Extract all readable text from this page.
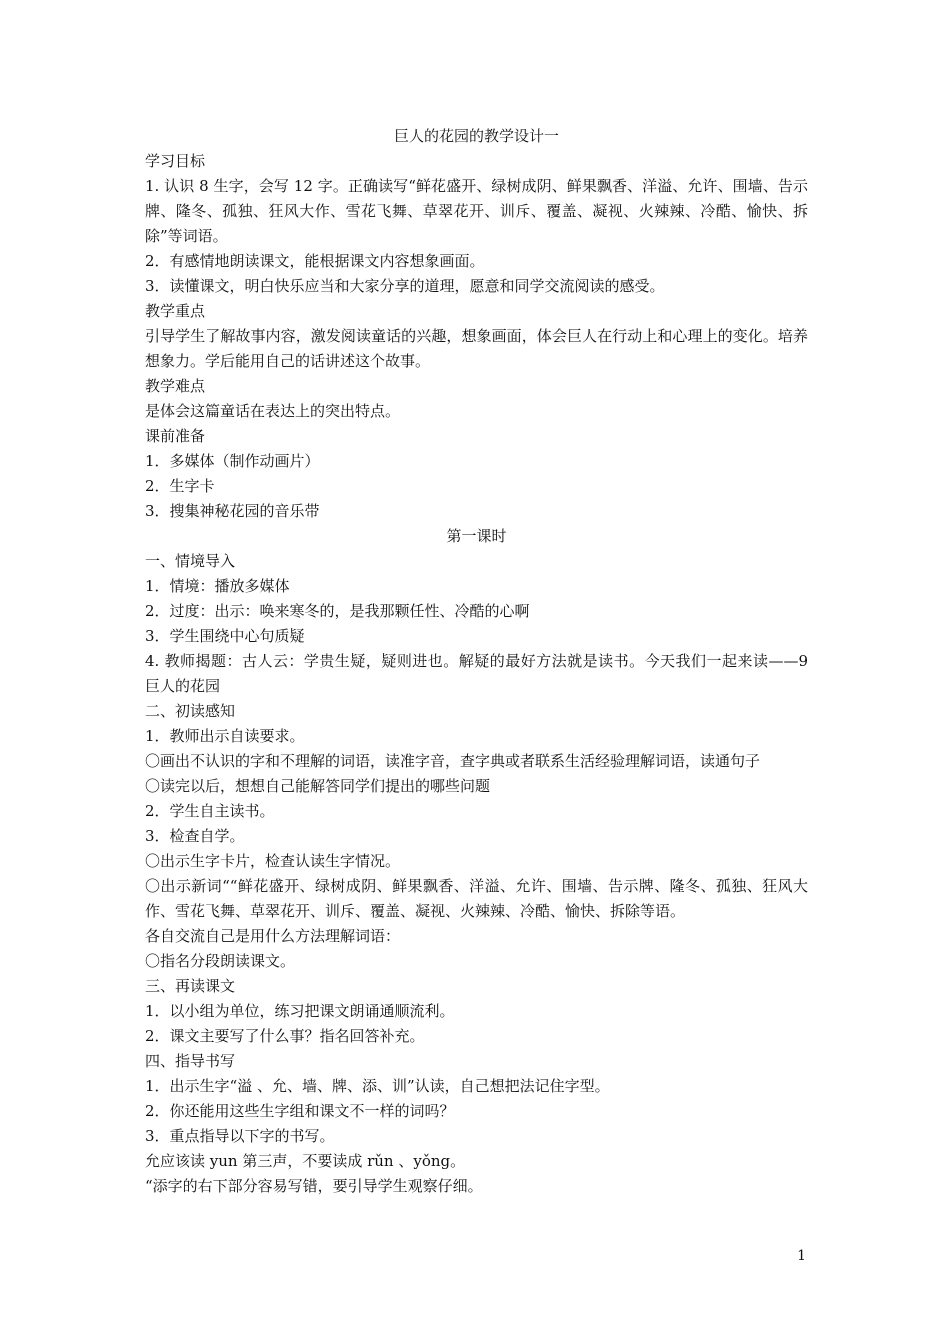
巨人的花园的教学设计一

学习目标

1. 认识 8 生字，会写 12 字。正确读写“鲜花盛开、绿树成阴、鲜果飘香、洋溢、允许、围墙、告示牌、隆冬、孤独、狂风大作、雪花飞舞、草翠花开、训斥、覆盖、凝视、火辣辣、冷酷、愉快、拆除”等词语。

2．有感情地朗读课文，能根据课文内容想象画面。

3．读懂课文，明白快乐应当和大家分享的道理，愿意和同学交流阅读的感受。

教学重点

引导学生了解故事内容，激发阅读童话的兴趣，想象画面，体会巨人在行动上和心理上的变化。培养想象力。学后能用自己的话讲述这个故事。

教学难点

是体会这篇童话在表达上的突出特点。

课前准备

1．多媒体（制作动画片）

2．生字卡

3．搜集神秘花园的音乐带

第一课时

一、情境导入

1．情境：播放多媒体

2．过度：出示：唤来寒冬的，是我那颗任性、冷酷的心啊

3．学生围绕中心句质疑

4. 教师揭题：古人云：学贵生疑，疑则进也。解疑的最好方法就是读书。今天我们一起来读——9 巨人的花园

二、初读感知

1．教师出示自读要求。

〇画出不认识的字和不理解的词语，读准字音，查字典或者联系生活经验理解词语，读通句子

〇读完以后，想想自己能解答同学们提出的哪些问题

2．学生自主读书。

3．检查自学。

〇出示生字卡片，检查认读生字情况。

〇出示新词““鲜花盛开、绿树成阴、鲜果飘香、洋溢、允许、围墙、告示牌、隆冬、孤独、狂风大作、雪花飞舞、草翠花开、训斥、覆盖、凝视、火辣辣、冷酷、愉快、拆除等语。

各自交流自己是用什么方法理解词语：

〇指名分段朗读课文。

三、再读课文

1．以小组为单位，练习把课文朗诵通顺流利。

2．课文主要写了什么事？指名回答补充。

四、指导书写

1．出示生字“溢 、允、墙、牌、添、训”认读，自己想把法记住字型。

2．你还能用这些生字组和课文不一样的词吗？

3．重点指导以下字的书写。

允应该读 yun 第三声，不要读成 rǔn 、yǒng。

“添字的右下部分容易写错，要引导学生观察仔细。

1
